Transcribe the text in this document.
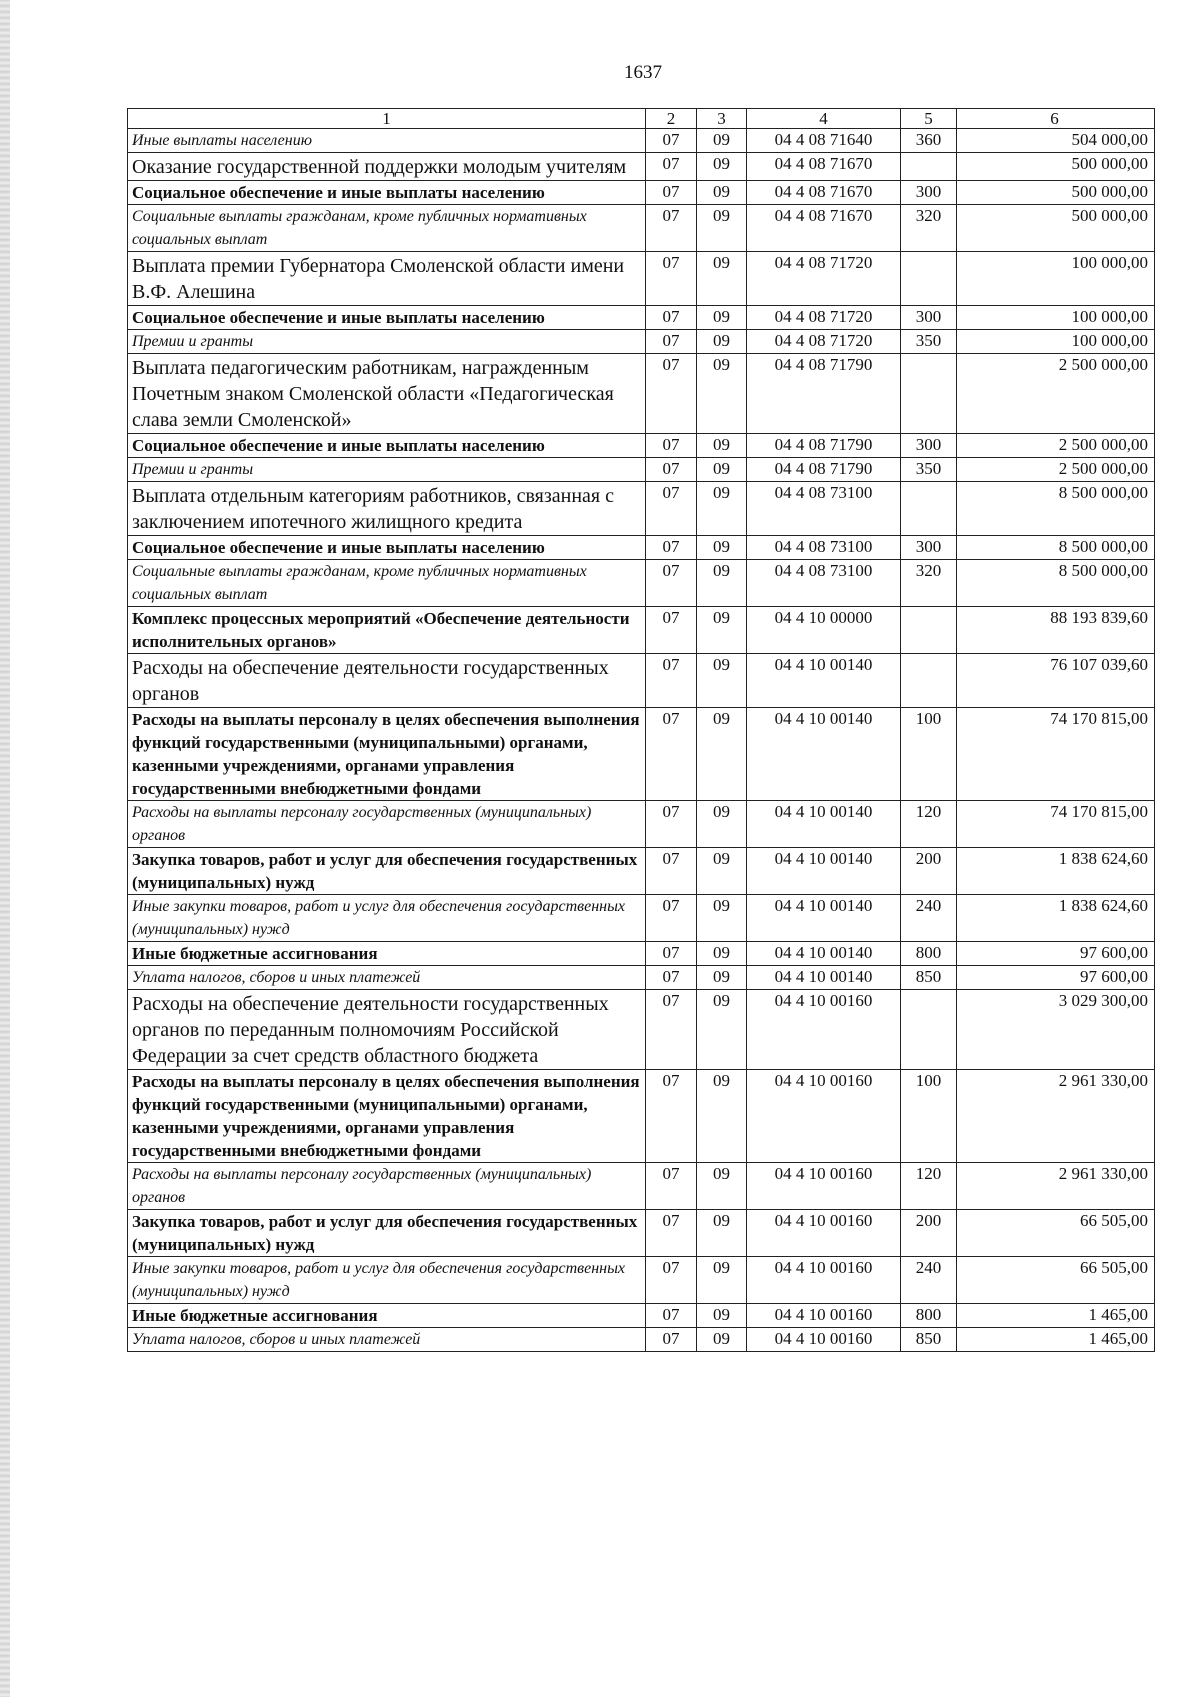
1637
1	2	3	4	5	6
Иные выплаты населению	07	09	04 4 08 71640	360	504 000,00
Оказание государственной поддержки молодым учителям	07	09	04 4 08 71670		500 000,00
Социальное обеспечение и иные выплаты населению	07	09	04 4 08 71670	300	500 000,00
Социальные выплаты гражданам, кроме публичных нормативных социальных выплат	07	09	04 4 08 71670	320	500 000,00
Выплата премии Губернатора Смоленской области имени В.Ф. Алешина	07	09	04 4 08 71720		100 000,00
Социальное обеспечение и иные выплаты населению	07	09	04 4 08 71720	300	100 000,00
Премии и гранты	07	09	04 4 08 71720	350	100 000,00
Выплата педагогическим работникам, награжденным Почетным знаком Смоленской области «Педагогическая слава земли Смоленской»	07	09	04 4 08 71790		2 500 000,00
Социальное обеспечение и иные выплаты населению	07	09	04 4 08 71790	300	2 500 000,00
Премии и гранты	07	09	04 4 08 71790	350	2 500 000,00
Выплата отдельным категориям работников, связанная с заключением ипотечного жилищного кредита	07	09	04 4 08 73100		8 500 000,00
Социальное обеспечение и иные выплаты населению	07	09	04 4 08 73100	300	8 500 000,00
Социальные выплаты гражданам, кроме публичных нормативных социальных выплат	07	09	04 4 08 73100	320	8 500 000,00
Комплекс процессных мероприятий «Обеспечение деятельности исполнительных органов»	07	09	04 4 10 00000		88 193 839,60
Расходы на обеспечение деятельности государственных органов	07	09	04 4 10 00140		76 107 039,60
Расходы на выплаты персоналу в целях обеспечения выполнения функций государственными (муниципальными) органами, казенными учреждениями, органами управления государственными внебюджетными фондами	07	09	04 4 10 00140	100	74 170 815,00
Расходы на выплаты персоналу государственных (муниципальных) органов	07	09	04 4 10 00140	120	74 170 815,00
Закупка товаров, работ и услуг для обеспечения государственных (муниципальных) нужд	07	09	04 4 10 00140	200	1 838 624,60
Иные закупки товаров, работ и услуг для обеспечения государственных (муниципальных) нужд	07	09	04 4 10 00140	240	1 838 624,60
Иные бюджетные ассигнования	07	09	04 4 10 00140	800	97 600,00
Уплата налогов, сборов и иных платежей	07	09	04 4 10 00140	850	97 600,00
Расходы на обеспечение деятельности государственных органов по переданным полномочиям Российской Федерации за счет средств областного бюджета	07	09	04 4 10 00160		3 029 300,00
Расходы на выплаты персоналу в целях обеспечения выполнения функций государственными (муниципальными) органами, казенными учреждениями, органами управления государственными внебюджетными фондами	07	09	04 4 10 00160	100	2 961 330,00
Расходы на выплаты персоналу государственных (муниципальных) органов	07	09	04 4 10 00160	120	2 961 330,00
Закупка товаров, работ и услуг для обеспечения государственных (муниципальных) нужд	07	09	04 4 10 00160	200	66 505,00
Иные закупки товаров, работ и услуг для обеспечения государственных (муниципальных) нужд	07	09	04 4 10 00160	240	66 505,00
Иные бюджетные ассигнования	07	09	04 4 10 00160	800	1 465,00
Уплата налогов, сборов и иных платежей	07	09	04 4 10 00160	850	1 465,00
